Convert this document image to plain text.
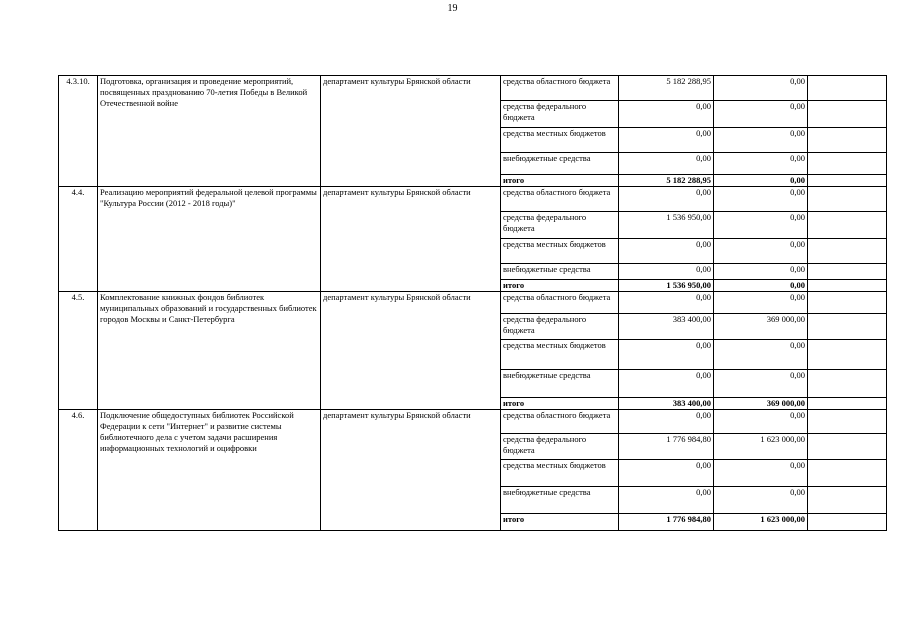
19
4.3.10.	Подготовка, организация и проведение мероприятий, посвященных празднованию 70-летия Победы в Великой Отечественной войне	департамент культуры Брянской области	средства областного бюджета	5 182 288,95	0,00	
			средства федерального бюджета	0,00	0,00	
			средства местных бюджетов	0,00	0,00	
			внебюджетные средства	0,00	0,00	
			итого	5 182 288,95	0,00	
4.4.	Реализацию мероприятий федеральной целевой программы "Культура России (2012 - 2018 годы)"	департамент культуры Брянской области	средства областного бюджета	0,00	0,00	
			средства федерального бюджета	1 536 950,00	0,00	
			средства местных бюджетов	0,00	0,00	
			внебюджетные средства	0,00	0,00	
			итого	1 536 950,00	0,00	
4.5.	Комплектование книжных фондов библиотек муниципальных образований и государственных библиотек городов Москвы и Санкт-Петербурга	департамент культуры Брянской области	средства областного бюджета	0,00	0,00	
			средства федерального бюджета	383 400,00	369 000,00	
			средства местных бюджетов	0,00	0,00	
			внебюджетные средства	0,00	0,00	
			итого	383 400,00	369 000,00	
4.6.	Подключение общедоступных библиотек Российской Федерации к сети "Интернет" и развитие системы библиотечного дела с учетом задачи расширения информационных технологий и оцифровки	департамент культуры Брянской области	средства областного бюджета	0,00	0,00	
			средства федерального бюджета	1 776 984,80	1 623 000,00	
			средства местных бюджетов	0,00	0,00	
			внебюджетные средства	0,00	0,00	
			итого	1 776 984,80	1 623 000,00	
